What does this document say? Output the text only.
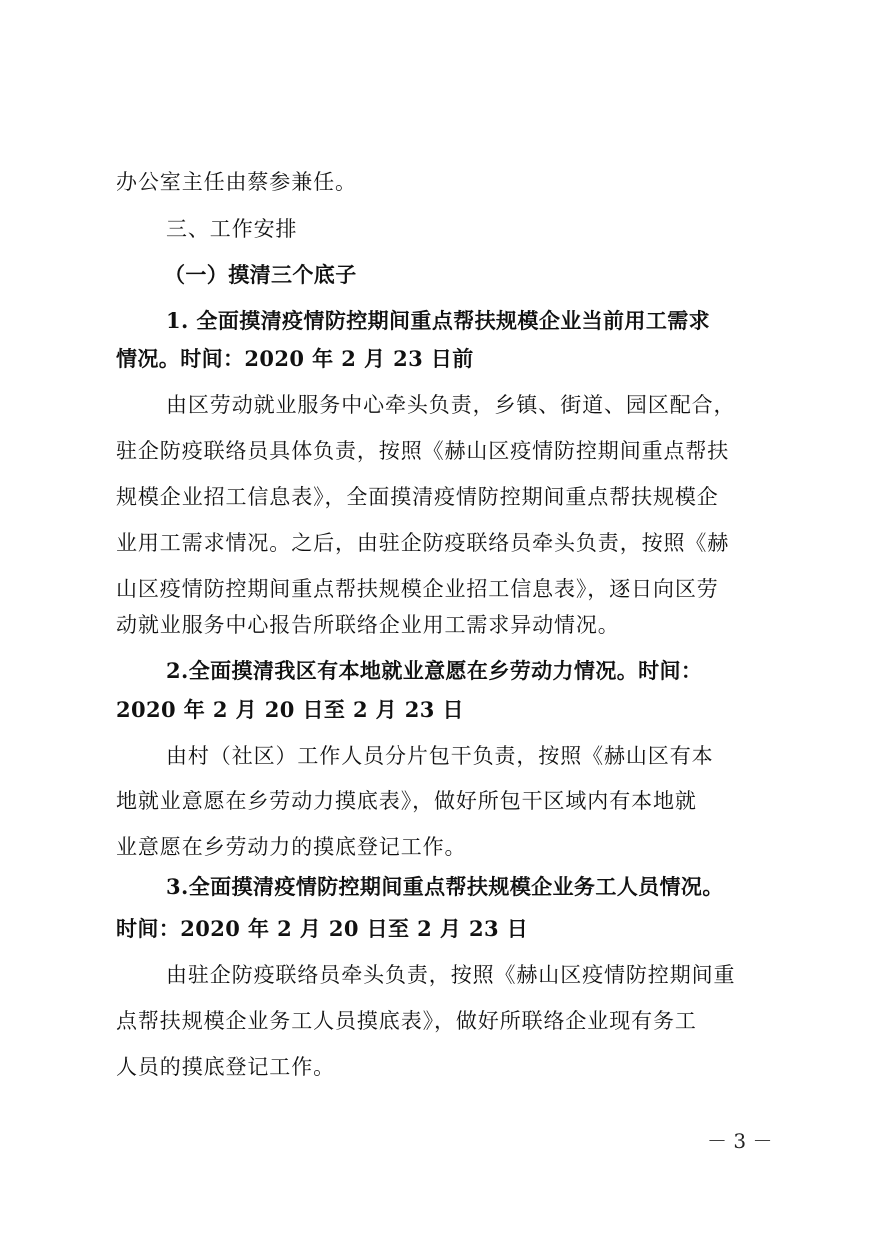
办公室主任由蔡参兼任。
三、工作安排
（一）摸清三个底子
1. 全面摸清疫情防控期间重点帮扶规模企业当前用工需求
情况。时间：2020 年 2 月 23 日前
由区劳动就业服务中心牵头负责，乡镇、街道、园区配合，
驻企防疫联络员具体负责，按照《赫山区疫情防控期间重点帮扶
规模企业招工信息表》，全面摸清疫情防控期间重点帮扶规模企
业用工需求情况。之后，由驻企防疫联络员牵头负责，按照《赫
山区疫情防控期间重点帮扶规模企业招工信息表》，逐日向区劳
动就业服务中心报告所联络企业用工需求异动情况。
2.全面摸清我区有本地就业意愿在乡劳动力情况。时间：
2020 年 2 月 20 日至 2 月 23 日
由村（社区）工作人员分片包干负责，按照《赫山区有本
地就业意愿在乡劳动力摸底表》，做好所包干区域内有本地就
业意愿在乡劳动力的摸底登记工作。
3.全面摸清疫情防控期间重点帮扶规模企业务工人员情况。
时间：2020 年 2 月 20 日至 2 月 23 日
由驻企防疫联络员牵头负责，按照《赫山区疫情防控期间重
点帮扶规模企业务工人员摸底表》，做好所联络企业现有务工
人员的摸底登记工作。
－ 3 －
